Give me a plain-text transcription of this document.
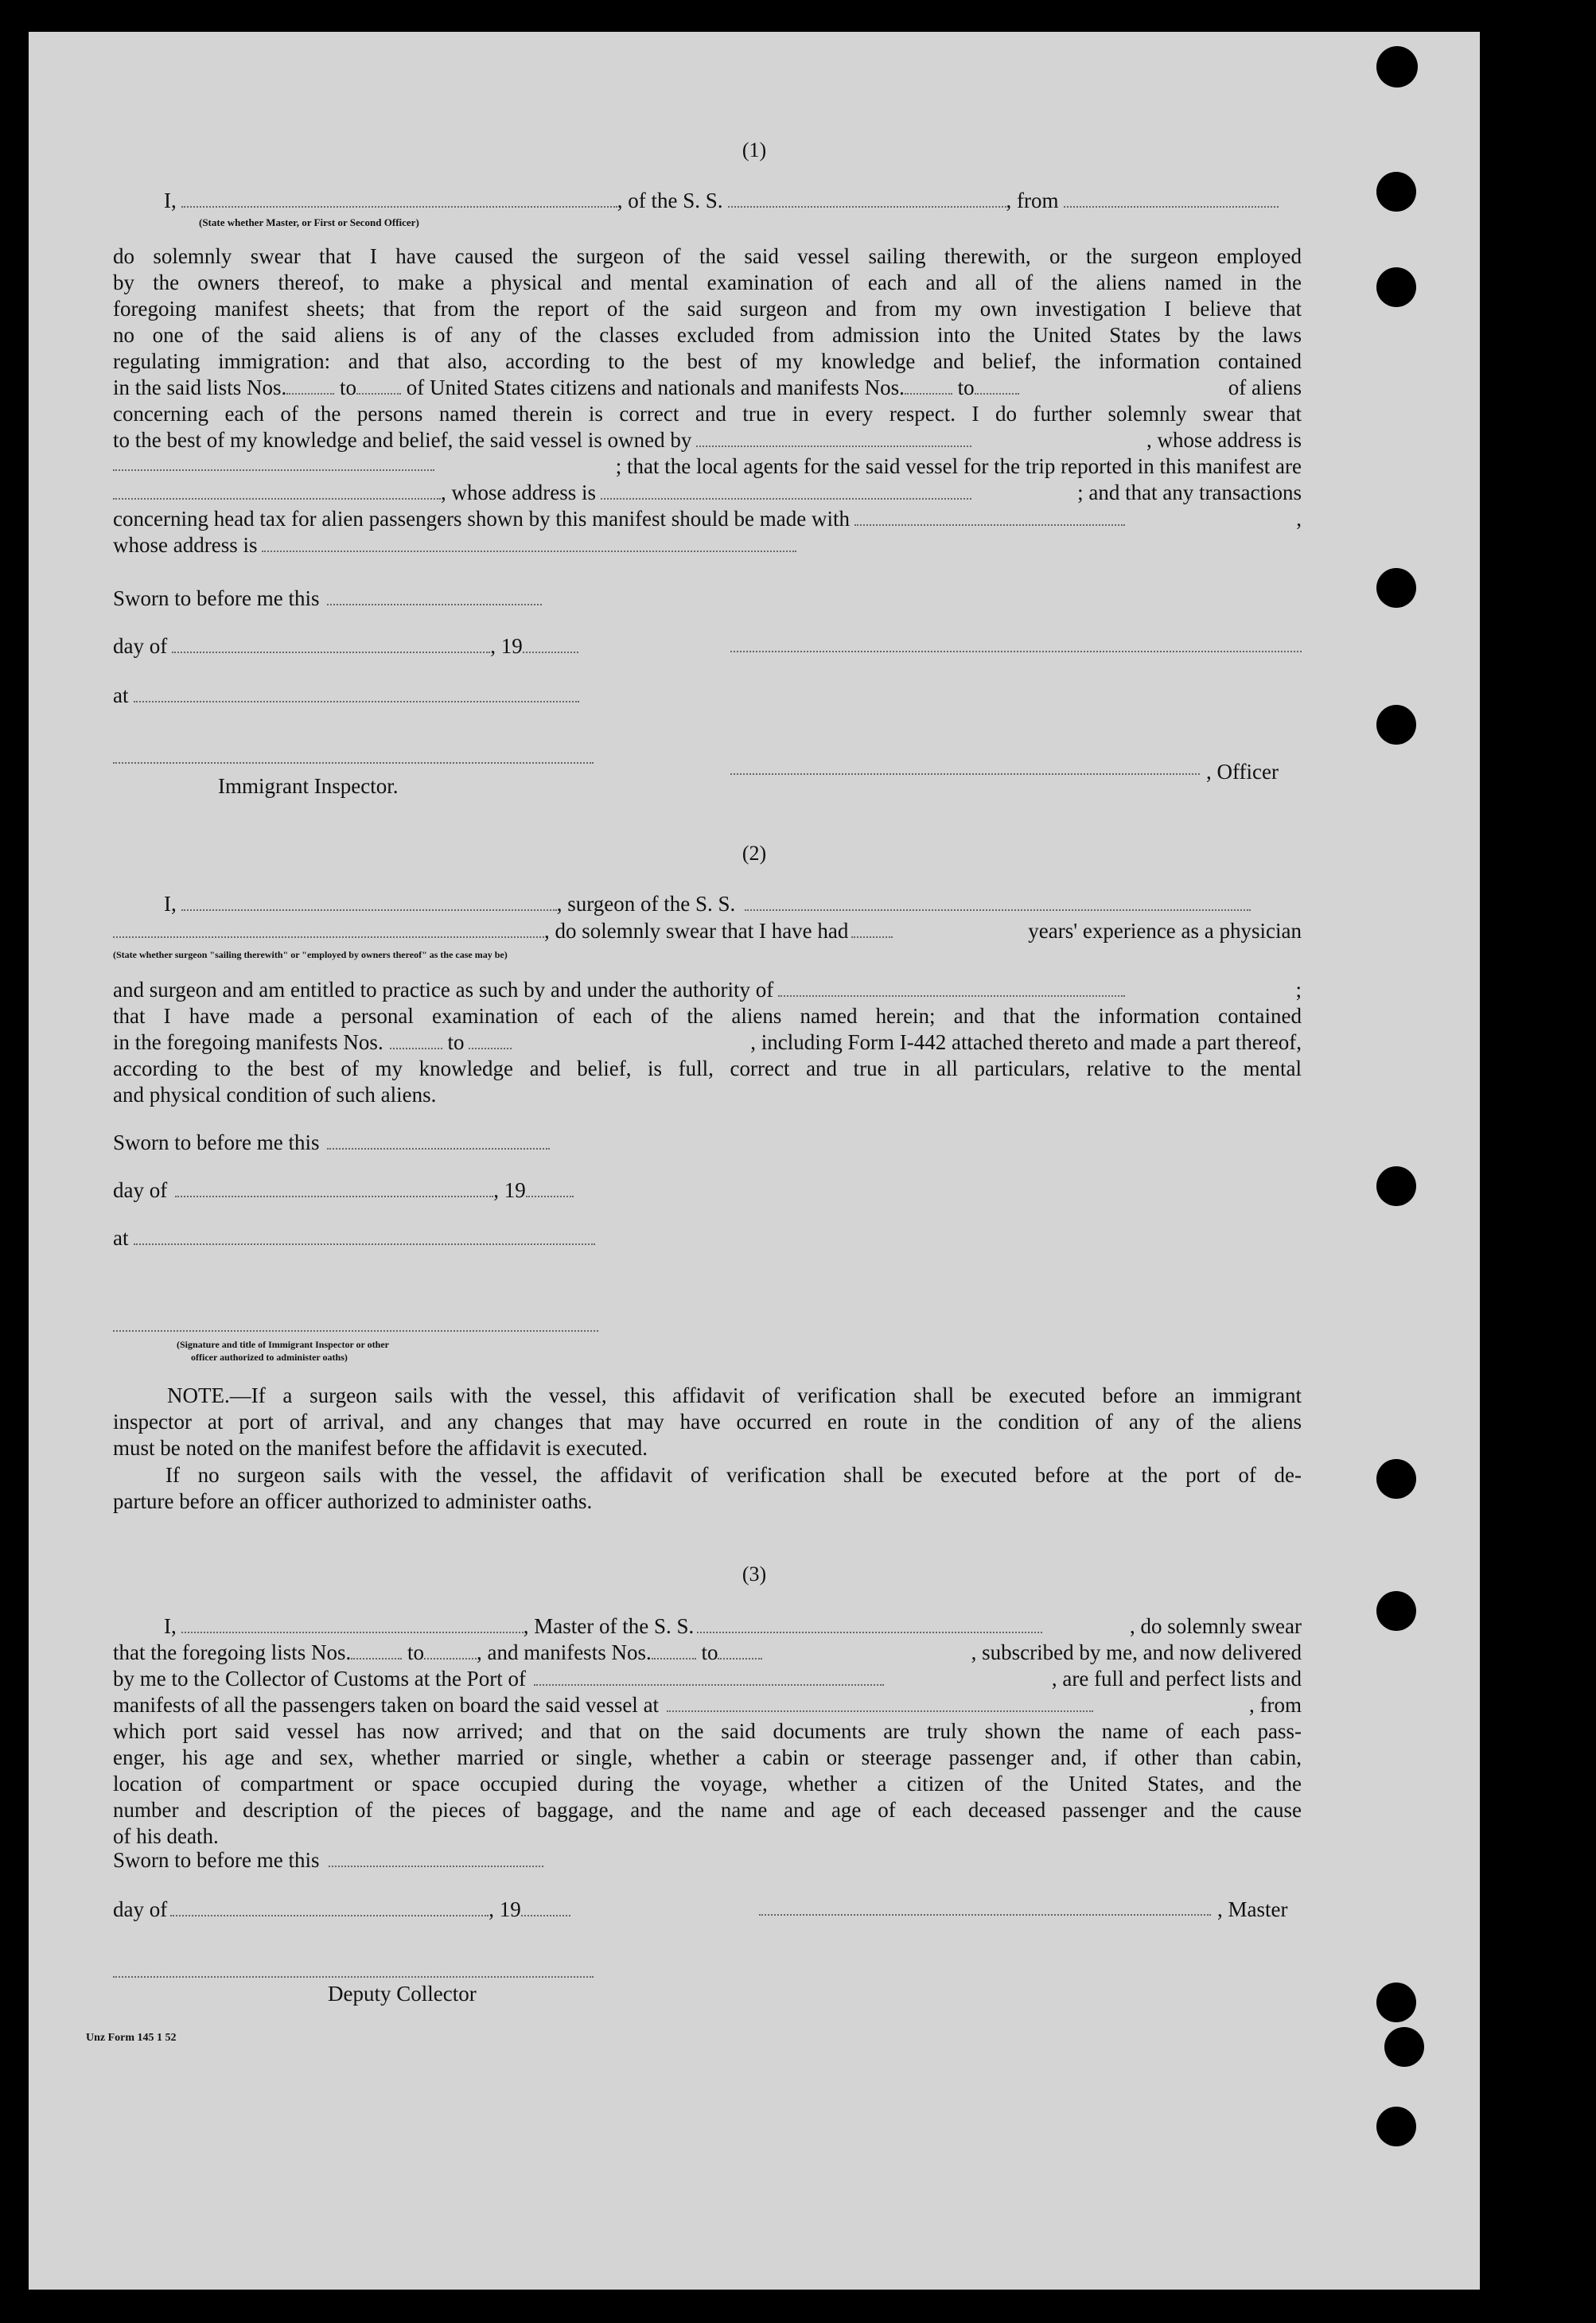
(1)
I,	, of the S. S.	, from
(State whether Master, or First or Second Officer)
do solemnly swear that I have caused the surgeon of the said vessel sailing therewith, or the surgeon employed
by the owners thereof, to make a physical and mental examination of each and all of the aliens named in the
foregoing manifest sheets; that from the report of the said surgeon and from my own investigation I believe that
no one of the said aliens is of any of the classes excluded from admission into the United States by the laws
regulating immigration: and that also, according to the best of my knowledge and belief, the information contained
in the said lists Nos. to of United States citizens and nationals and manifests Nos. to	of aliens
concerning each of the persons named therein is correct and true in every respect. I do further solemnly swear that
to the best of my knowledge and belief, the said vessel is owned by	, whose address is
; that the local agents for the said vessel for the trip reported in this manifest are
, whose address is	; and that any transactions
concerning head tax for alien passengers shown by this manifest should be made with	,
whose address is
Sworn to before me this
day of	, 19
at
Immigrant Inspector.
, Officer
(2)
I,	, surgeon of the S. S.
, do solemnly swear that I have had	years' experience as a physician
(State whether surgeon "sailing therewith" or "employed by owners thereof" as the case may be)
and surgeon and am entitled to practice as such by and under the authority of	;
that I have made a personal examination of each of the aliens named herein; and that the information contained
in the foregoing manifests Nos.	to	, including Form I-442 attached thereto and made a part thereof,
according to the best of my knowledge and belief, is full, correct and true in all particulars, relative to the mental
and physical condition of such aliens.
Sworn to before me this
day of	, 19
at
(Signature and title of Immigrant Inspector or other
officer authorized to administer oaths)
NOTE.—If a surgeon sails with the vessel, this affidavit of verification shall be executed before an immigrant
inspector at port of arrival, and any changes that may have occurred en route in the condition of any of the aliens
must be noted on the manifest before the affidavit is executed.
If no surgeon sails with the vessel, the affidavit of verification shall be executed before at the port of de-
parture before an officer authorized to administer oaths.
(3)
I,	, Master of the S. S.	, do solemnly swear
that the foregoing lists Nos.	to , and manifests Nos. to	, subscribed by me, and now delivered
by me to the Collector of Customs at the Port of	, are full and perfect lists and
manifests of all the passengers taken on board the said vessel at	, from
which port said vessel has now arrived; and that on the said documents are truly shown the name of each pass-
enger, his age and sex, whether married or single, whether a cabin or steerage passenger and, if other than cabin,
location of compartment or space occupied during the voyage, whether a citizen of the United States, and the
number and description of the pieces of baggage, and the name and age of each deceased passenger and the cause
of his death.
Sworn to before me this
day of	, 19	, Master
Deputy Collector
Unz Form 145 1 52
